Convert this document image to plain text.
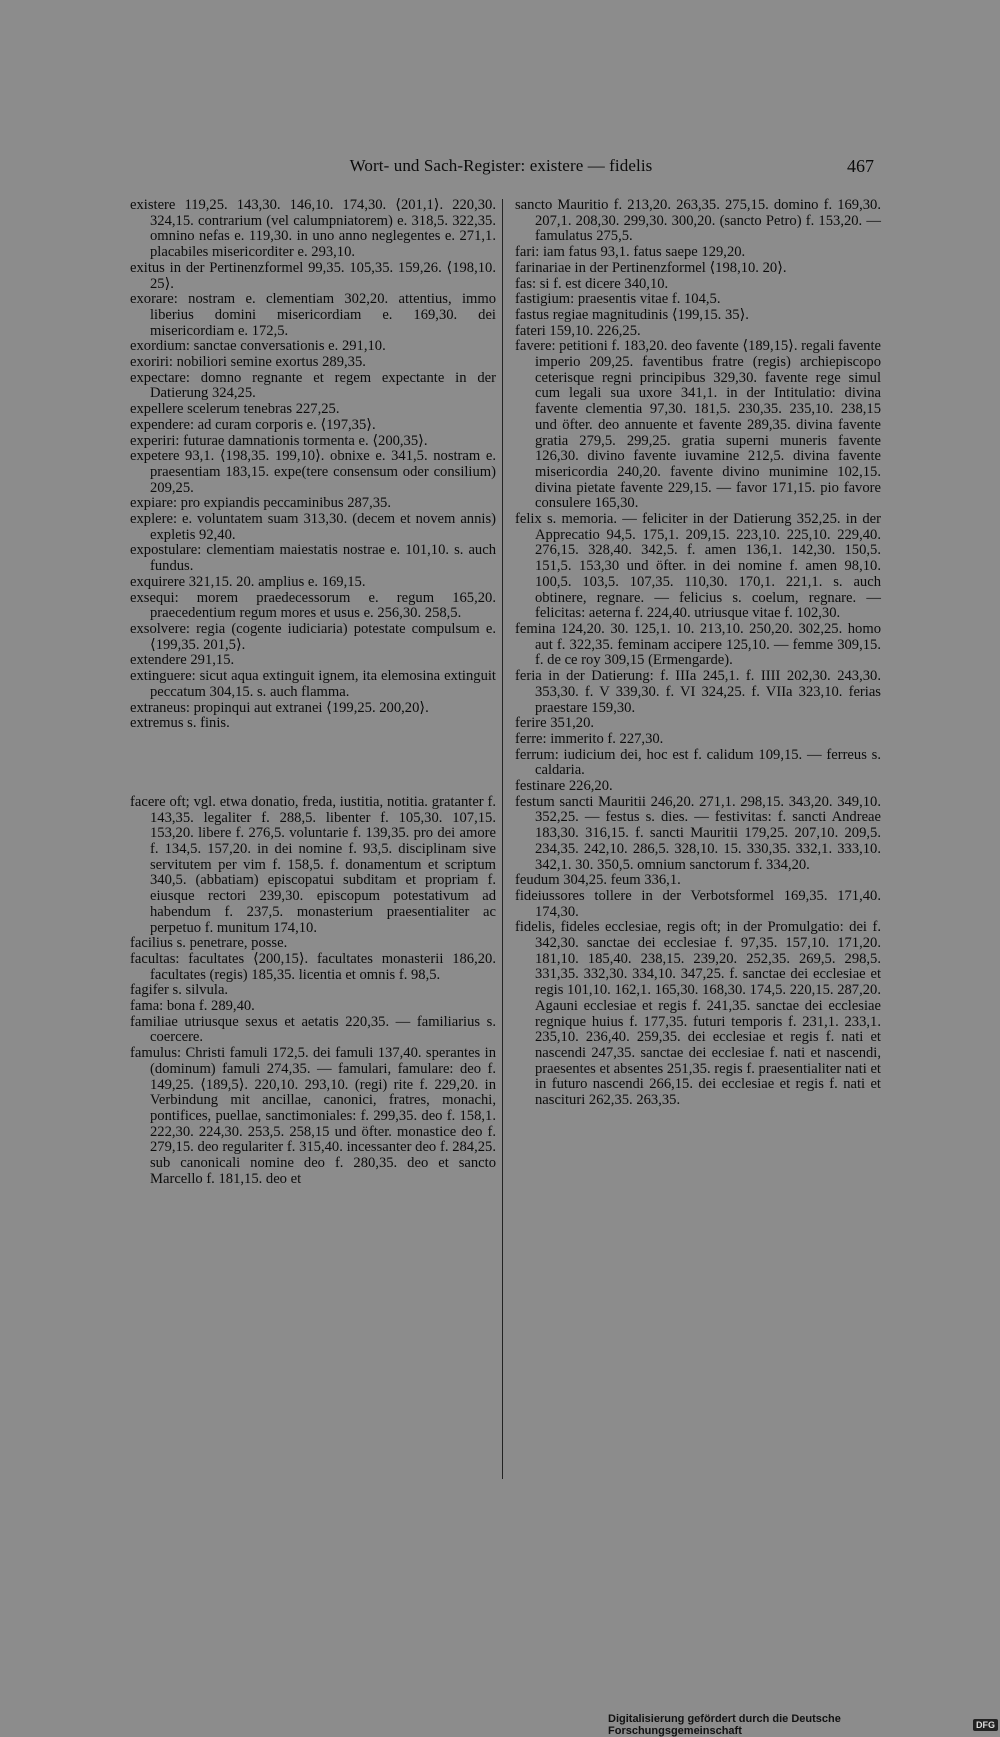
Wort- und Sach-Register: existere — fidelis	467

existere 119,25. 143,30. 146,10. 174,30. ⟨201,1⟩. 220,30. 324,15. contrarium (vel calumpniatorem) e. 318,5. 322,35. omnino nefas e. 119,30. in uno anno neglegentes e. 271,1. placabiles misericorditer e. 293,10.

exitus in der Pertinenzformel 99,35. 105,35. 159,26. ⟨198,10. 25⟩.

exorare: nostram e. clementiam 302,20. attentius, immo liberius domini misericordiam e. 169,30. dei misericordiam e. 172,5.

exordium: sanctae conversationis e. 291,10.

exoriri: nobiliori semine exortus 289,35.

expectare: domno regnante et regem expectante in der Datierung 324,25.

expellere scelerum tenebras 227,25.

expendere: ad curam corporis e. ⟨197,35⟩.

experiri: futurae damnationis tormenta e. ⟨200,35⟩.

expetere 93,1. ⟨198,35. 199,10⟩. obnixe e. 341,5. nostram e. praesentiam 183,15. expe(tere consensum oder consilium) 209,25.

expiare: pro expiandis peccaminibus 287,35.

explere: e. voluntatem suam 313,30. (decem et novem annis) expletis 92,40.

expostulare: clementiam maiestatis nostrae e. 101,10. s. auch fundus.

exquirere 321,15. 20. amplius e. 169,15.

exsequi: morem praedecessorum e. regum 165,20. praecedentium regum mores et usus e. 256,30. 258,5.

exsolvere: regia (cogente iudiciaria) potestate compulsum e. ⟨199,35. 201,5⟩.

extendere 291,15.

extinguere: sicut aqua extinguit ignem, ita elemosina extinguit peccatum 304,15. s. auch flamma.

extraneus: propinqui aut extranei ⟨199,25. 200,20⟩.

extremus s. finis.

facere oft; vgl. etwa donatio, freda, iustitia, notitia. gratanter f. 143,35. legaliter f. 288,5. libenter f. 105,30. 107,15. 153,20. libere f. 276,5. voluntarie f. 139,35. pro dei amore f. 134,5. 157,20. in dei nomine f. 93,5. disciplinam sive servitutem per vim f. 158,5. f. donamentum et scriptum 340,5. (abbatiam) episcopatui subditam et propriam f. eiusque rectori 239,30. episcopum potestativum ad habendum f. 237,5. monasterium praesentialiter ac perpetuo f. munitum 174,10.

facilius s. penetrare, posse.

facultas: facultates ⟨200,15⟩. facultates monasterii 186,20. facultates (regis) 185,35. licentia et omnis f. 98,5.

fagifer s. silvula.

fama: bona f. 289,40.

familiae utriusque sexus et aetatis 220,35. — familiarius s. coercere.

famulus: Christi famuli 172,5. dei famuli 137,40. sperantes in (dominum) famuli 274,35. — famulari, famulare: deo f. 149,25. ⟨189,5⟩. 220,10. 293,10. (regi) rite f. 229,20. in Verbindung mit ancillae, canonici, fratres, monachi, pontifices, puellae, sanctimoniales: f. 299,35. deo f. 158,1. 222,30. 224,30. 253,5. 258,15 und öfter. monastice deo f. 279,15. deo regulariter f. 315,40. incessanter deo f. 284,25. sub canonicali nomine deo f. 280,35. deo et sancto Marcello f. 181,15. deo et

sancto Mauritio f. 213,20. 263,35. 275,15. domino f. 169,30. 207,1. 208,30. 299,30. 300,20. (sancto Petro) f. 153,20. — famulatus 275,5.

fari: iam fatus 93,1. fatus saepe 129,20.

farinariae in der Pertinenzformel ⟨198,10. 20⟩.

fas: si f. est dicere 340,10.

fastigium: praesentis vitae f. 104,5.

fastus regiae magnitudinis ⟨199,15. 35⟩.

fateri 159,10. 226,25.

favere: petitioni f. 183,20. deo favente ⟨189,15⟩. regali favente imperio 209,25. faventibus fratre (regis) archiepiscopo ceterisque regni principibus 329,30. favente rege simul cum legali sua uxore 341,1. in der Intitulatio: divina favente clementia 97,30. 181,5. 230,35. 235,10. 238,15 und öfter. deo annuente et favente 289,35. divina favente gratia 279,5. 299,25. gratia superni muneris favente 126,30. divino favente iuvamine 212,5. divina favente misericordia 240,20. favente divino munimine 102,15. divina pietate favente 229,15. — favor 171,15. pio favore consulere 165,30.

felix s. memoria. — feliciter in der Datierung 352,25. in der Apprecatio 94,5. 175,1. 209,15. 223,10. 225,10. 229,40. 276,15. 328,40. 342,5. f. amen 136,1. 142,30. 150,5. 151,5. 153,30 und öfter. in dei nomine f. amen 98,10. 100,5. 103,5. 107,35. 110,30. 170,1. 221,1. s. auch obtinere, regnare. — felicius s. coelum, regnare. — felicitas: aeterna f. 224,40. utriusque vitae f. 102,30.

femina 124,20. 30. 125,1. 10. 213,10. 250,20. 302,25. homo aut f. 322,35. feminam accipere 125,10. — femme 309,15. f. de ce roy 309,15 (Ermengarde).

feria in der Datierung: f. IIIa 245,1. f. IIII 202,30. 243,30. 353,30. f. V 339,30. f. VI 324,25. f. VIIa 323,10. ferias praestare 159,30.

ferire 351,20.

ferre: immerito f. 227,30.

ferrum: iudicium dei, hoc est f. calidum 109,15. — ferreus s. caldaria.

festinare 226,20.

festum sancti Mauritii 246,20. 271,1. 298,15. 343,20. 349,10. 352,25. — festus s. dies. — festivitas: f. sancti Andreae 183,30. 316,15. f. sancti Mauritii 179,25. 207,10. 209,5. 234,35. 242,10. 286,5. 328,10. 15. 330,35. 332,1. 333,10. 342,1. 30. 350,5. omnium sanctorum f. 334,20.

feudum 304,25. feum 336,1.

fideiussores tollere in der Verbotsformel 169,35. 171,40. 174,30.

fidelis, fideles ecclesiae, regis oft; in der Promulgatio: dei f. 342,30. sanctae dei ecclesiae f. 97,35. 157,10. 171,20. 181,10. 185,40. 238,15. 239,20. 252,35. 269,5. 298,5. 331,35. 332,30. 334,10. 347,25. f. sanctae dei ecclesiae et regis 101,10. 162,1. 165,30. 168,30. 174,5. 220,15. 287,20. Agauni ecclesiae et regis f. 241,35. sanctae dei ecclesiae regnique huius f. 177,35. futuri temporis f. 231,1. 233,1. 235,10. 236,40. 259,35. dei ecclesiae et regis f. nati et nascendi 247,35. sanctae dei ecclesiae f. nati et nascendi, praesentes et absentes 251,35. regis f. praesentialiter nati et in futuro nascendi 266,15. dei ecclesiae et regis f. nati et nascituri 262,35. 263,35.

Digitalisierung gefördert durch die Deutsche Forschungsgemeinschaft	DFG
